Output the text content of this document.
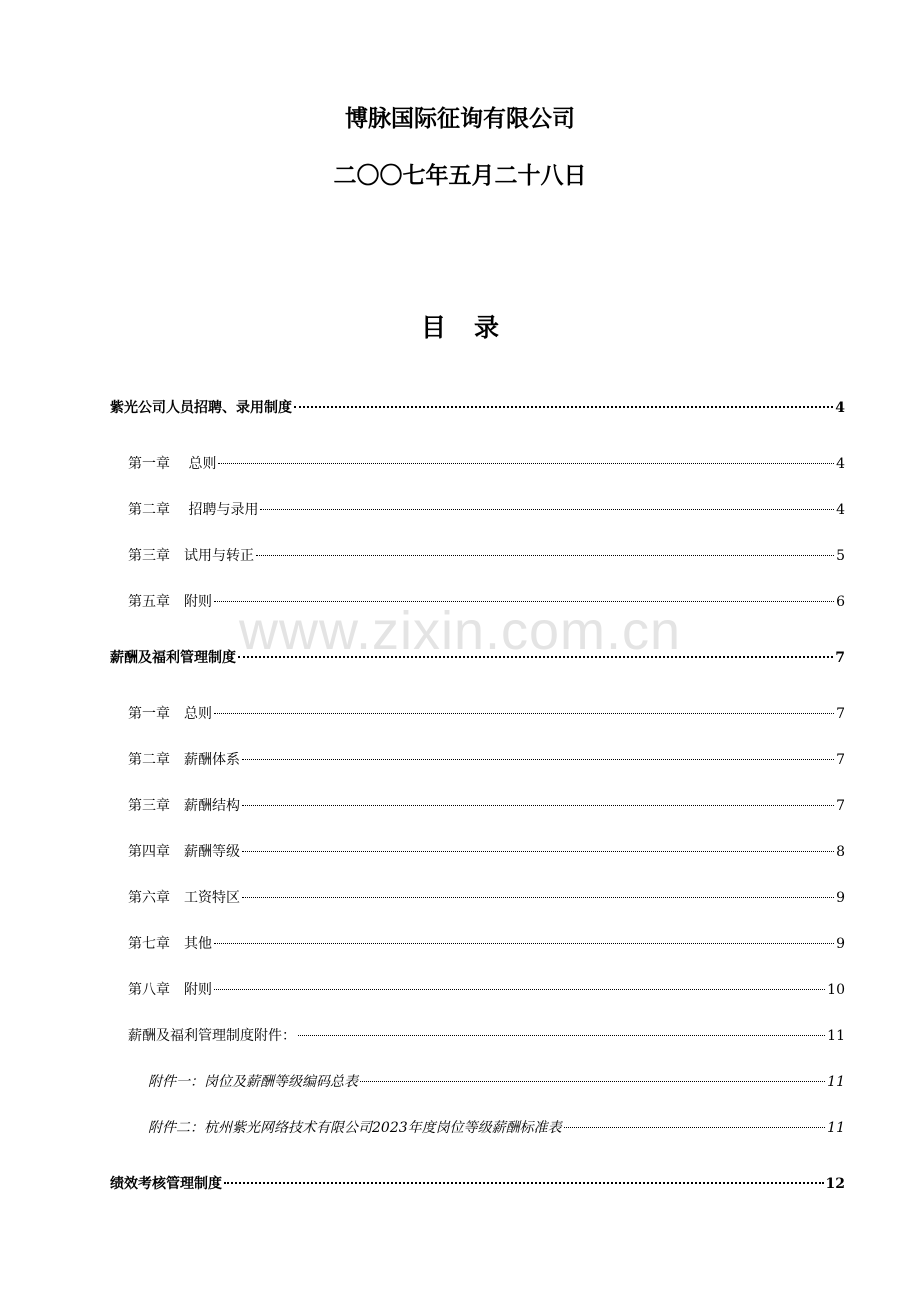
博脉国际征询有限公司
二〇〇七年五月二十八日
目录
www.zixin.com.cn
紫光公司人员招聘、录用制度	4
第一章　 总则	4
第二章　 招聘与录用	4
第三章　试用与转正	5
第五章　附则	6
薪酬及福利管理制度	7
第一章　总则	7
第二章　薪酬体系	7
第三章　薪酬结构	7
第四章　薪酬等级	8
第六章　工资特区	9
第七章　其他	9
第八章　附则	10
薪酬及福利管理制度附件：	11
附件一：岗位及薪酬等级编码总表	11
附件二：杭州紫光网络技术有限公司2023年度岗位等级薪酬标准表	11
绩效考核管理制度	12
